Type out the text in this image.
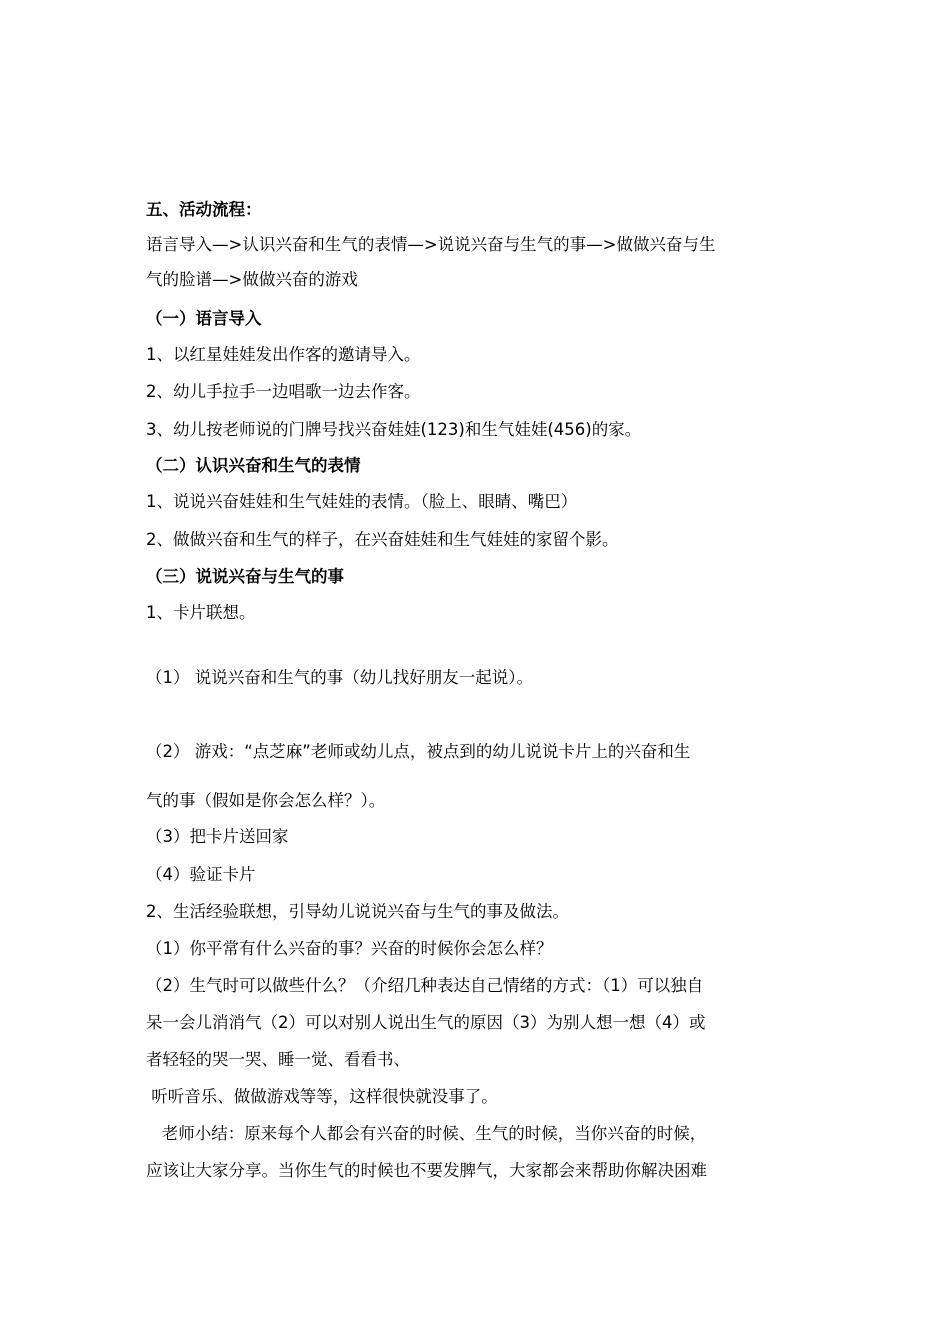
五、活动流程：
语言导入—>认识兴奋和生气的表情—>说说兴奋与生气的事—>做做兴奋与生
气的脸谱—>做做兴奋的游戏
（一）语言导入
1、以红星娃娃发出作客的邀请导入。
2、幼儿手拉手一边唱歌一边去作客。
3、幼儿按老师说的门牌号找兴奋娃娃(123)和生气娃娃(456)的家。
（二）认识兴奋和生气的表情
1、说说兴奋娃娃和生气娃娃的表情。（脸上、眼睛、嘴巴）
2、做做兴奋和生气的样子，在兴奋娃娃和生气娃娃的家留个影。
（三）说说兴奋与生气的事
1、卡片联想。
（1） 说说兴奋和生气的事（幼儿找好朋友一起说）。
（2） 游戏：“点芝麻”老师或幼儿点，被点到的幼儿说说卡片上的兴奋和生
气的事（假如是你会怎么样？）。
（3）把卡片送回家
（4）验证卡片
2、生活经验联想，引导幼儿说说兴奋与生气的事及做法。
（1）你平常有什么兴奋的事？兴奋的时候你会怎么样？
（2）生气时可以做些什么？（介绍几种表达自己情绪的方式：（1）可以独自
呆一会儿消消气（2）可以对别人说出生气的原因（3）为别人想一想（4）或
者轻轻的哭一哭、睡一觉、看看书、
听听音乐、做做游戏等等，这样很快就没事了。
老师小结：原来每个人都会有兴奋的时候、生气的时候，当你兴奋的时候，
应该让大家分享。当你生气的时候也不要发脾气，大家都会来帮助你解决困难
